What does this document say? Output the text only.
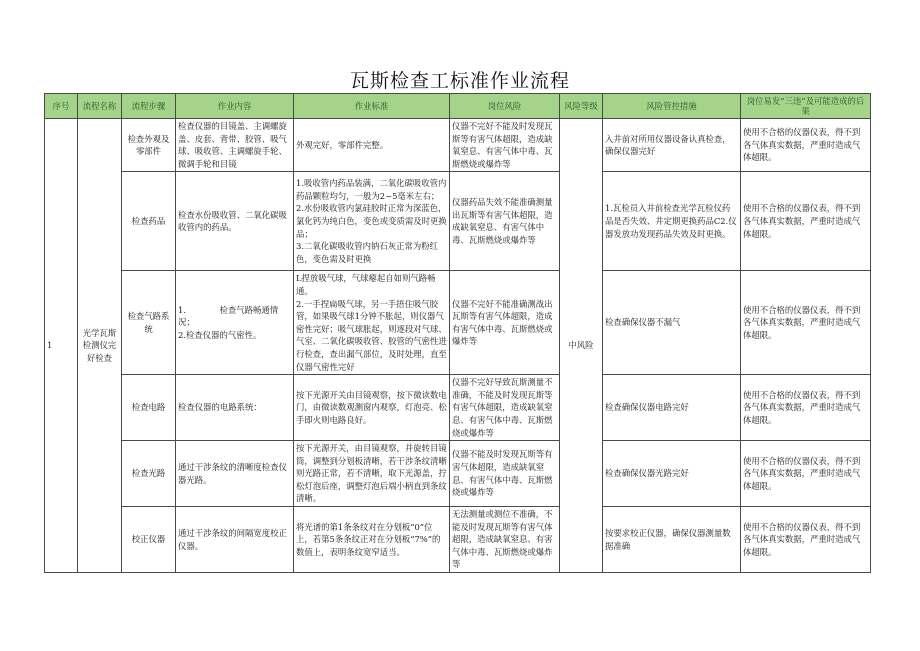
瓦斯检查工标准作业流程
序号	流程名称	流程步骤	作业内容	作业标准	岗位风险	风险等级	风险管控措施	岗位易发“三违”及可能造成的后果
1	光学瓦斯检测仪完好检查	检查外观及零部件	检查仪器的目镜盖、主调螺旋盖、皮套、背带、胶管、吸气球、吸收管、主调螺旋手轮、微调手轮和目镜	外观完好，零部件完整。	仪器不完好不能及时发现瓦斯等有害气体超限，造成缺氧窒息、有害气体中毒、瓦斯燃烧或爆炸等	中风险	入井前对所用仪器设备认真检查，确保仪器完好	使用不合格的仪器仪表，得不到各气体真实数据，严重时造成气体超限。
		检查药品	检查水份吸收管、二氧化碳吸收管内的药品。	1.吸收管内药品装满，二氧化碳吸收管内药品颗粒均匀，一般为2~5毫米左右；
2.水份吸收管内氯硅胶时正常为深蓝色，氯化钙为纯白色，变色或变质需及时更换品；
3.二氧化碳吸收管内钠石灰正常为粉红色，变色需及时更换	仪器药品失效不能准确测量出瓦斯等有害气体超限，造成缺氧窒息、有害气体中毒、瓦斯燃烧或爆炸等		1.瓦检员入井前检查光学瓦检仪药品是否失效、井定期更换药品C2.仪器发放功发现药品失效及时更换。	使用不合格的仪器仪表，得不到各气体真实数据，严重时造成气体超限。
		检查气路系统	1.　　　　检查气路畅通情况；
2.检查仪器的气密性。	L捏放吸气球，气球瘪起自如则气路畅通。
2.一手捏扁吸气球，另一手捂住吸气胶管，如果吸气球1分钟不胀起，则仪器气密性完好；吸气球胀起，则逐段对气球、气室、二氧化碳吸收管、胶管的气密性进行检查，查出漏气部位，及时处理，直至仪器气密性完好	仪器不完好不能准确测战出瓦斯等有害气体超限，造成有害气体中毒、瓦斯燃烧或爆炸等		检查确保仪器不漏气	使用不合格的仪器仪表，得不到各气体真实数据，严重时造成气体超限。
		检查电路	检查仪器的电路系统：	按下光源开关由目镜观察，按下微读数电门，由微读数观测窗内观察，灯泡亮、松手即火则电路良好。	仪器不完好导致瓦斯测量不准确，不能及时发现瓦斯等有害气体超限，造成缺氧窒息、有害气体中毒、瓦斯燃烧或爆炸等		检查确保仪器电路完好	使用不合格的仪器仪表，得不到各气体真实数据，严重时造成气体超限。
		检查光路	通过干涉条纹的清晰度检查仪器光路。	按下光源开关，由目镜观察，并旋转目镜筒，调整到分划板清晰，若干涉条纹清晰则光路正常，若不清晰，取下光源盖，拧松灯泡后座，调整灯泡后端小柄直到条纹清晰。	仪器不能及时发现瓦斯等有害气体超限，造成缺氧窒息、有害气体中毒、瓦斯燃烧或爆炸等		检查确保仪器光路完好	使用不合格的仪器仪表，得不到各气体真实数据，严重时造成气体超限。
		校正仪器	通过干涉条纹的间隔宽度校正仪器。	将光谱的第1条条纹对在分划板“0”位上，若第5条条纹正对在分划板“7%”的数值上，表明条纹宽窄适当。	无法测量或测位不准确，不能及时发现瓦斯等有害气体超限，造成缺氧窒息、有害气体中毒、瓦斯燃烧或爆炸等		按要求校正仪器，确保仪器测量数据准确	使用不合格的仪器仪表，得不到各气体真实数据，严重时造成气体超限。
